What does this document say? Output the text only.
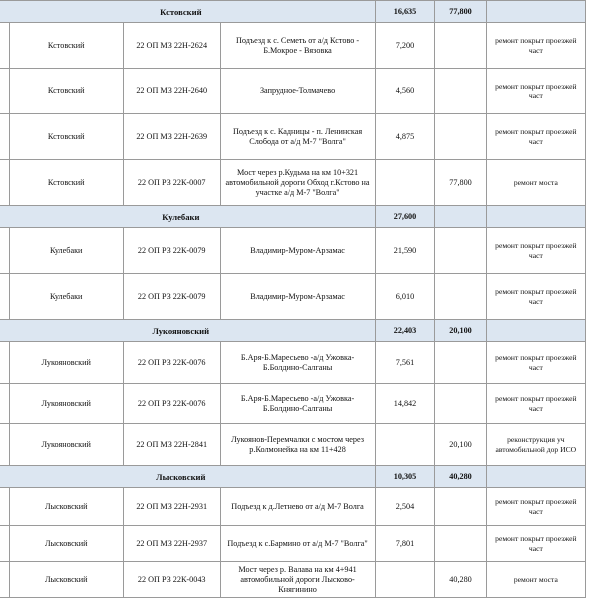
Кстовский				16,635	77,800	
	Кстовский	22 ОП МЗ 22Н-2624	Подъезд к с. Семеть от а/д Кстово - Б.Мокрое - Вязовка	7,200		ремонт покрыт проезжей част
	Кстовский	22 ОП МЗ 22Н-2640	Запрудное-Толмачево	4,560		ремонт покрыт проезжей част
	Кстовский	22 ОП МЗ 22Н-2639	Подъезд к с. Кадницы - п. Ленинская Слобода от а/д М-7 "Волга"	4,875		ремонт покрыт проезжей част
	Кстовский	22 ОП РЗ 22К-0007	Мост через р.Кудьма на км 10+321 автомобильной дороги Обход г.Кстово на участке а/д М-7 "Волга"		77,800	ремонт моста
Кулебаки				27,600		
	Кулебаки	22 ОП РЗ 22К-0079	Владимир-Муром-Арзамас	21,590		ремонт покрыт проезжей част
	Кулебаки	22 ОП РЗ 22К-0079	Владимир-Муром-Арзамас	6,010		ремонт покрыт проезжей част
Лукояновский				22,403	20,100	
	Лукояновский	22 ОП РЗ 22К-0076	Б.Аря-Б.Маресьево -а/д Ужовка-Б.Болдино-Салганы	7,561		ремонт покрыт проезжей част
	Лукояновский	22 ОП РЗ 22К-0076	Б.Аря-Б.Маресьево -а/д Ужовка-Б.Болдино-Салганы	14,842		ремонт покрыт проезжей част
	Лукояновский	22 ОП МЗ 22Н-2841	Лукоянов-Перемчалки с мостом через р.Колмонейка на км 11+428		20,100	реконструкция уч автомобильной дор ИСО
Лысковский				10,305	40,280	
	Лысковский	22 ОП МЗ 22Н-2931	Подъезд к д.Летнево от а/д М-7 Волга	2,504		ремонт покрыт проезжей част
	Лысковский	22 ОП МЗ 22Н-2937	Подъезд к с.Бармино от а/д М-7 "Волга"	7,801		ремонт покрыт проезжей част
	Лысковский	22 ОП РЗ 22К-0043	Мост через р. Валава на км 4+941 автомобильной дороги Лысково-Княгинино		40,280	ремонт моста
